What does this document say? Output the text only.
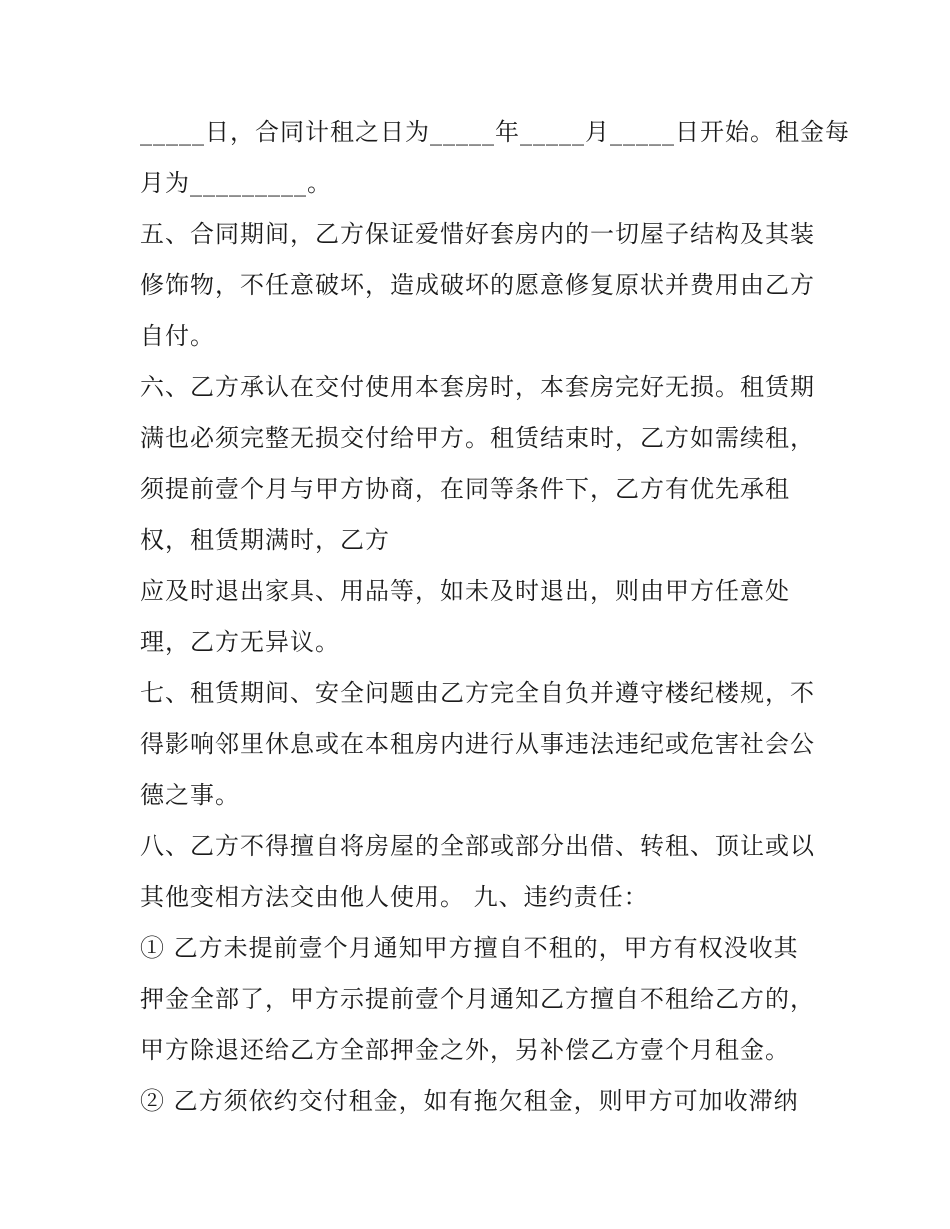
_____日，合同计租之日为_____年_____月_____日开始。租金每
月为_________。
五、合同期间，乙方保证爱惜好套房内的一切屋子结构及其装
修饰物，不任意破坏，造成破坏的愿意修复原状并费用由乙方
自付。
六、乙方承认在交付使用本套房时，本套房完好无损。租赁期
满也必须完整无损交付给甲方。租赁结束时，乙方如需续租，
须提前壹个月与甲方协商，在同等条件下，乙方有优先承租
权，租赁期满时，乙方
应及时退出家具、用品等，如未及时退出，则由甲方任意处
理，乙方无异议。
七、租赁期间、安全问题由乙方完全自负并遵守楼纪楼规，不
得影响邻里休息或在本租房内进行从事违法违纪或危害社会公
德之事。
八、乙方不得擅自将房屋的全部或部分出借、转租、顶让或以
其他变相方法交由他人使用。 九、违约责任：
① 乙方未提前壹个月通知甲方擅自不租的，甲方有权没收其
押金全部了，甲方示提前壹个月通知乙方擅自不租给乙方的，
甲方除退还给乙方全部押金之外，另补偿乙方壹个月租金。
② 乙方须依约交付租金，如有拖欠租金，则甲方可加收滞纳
